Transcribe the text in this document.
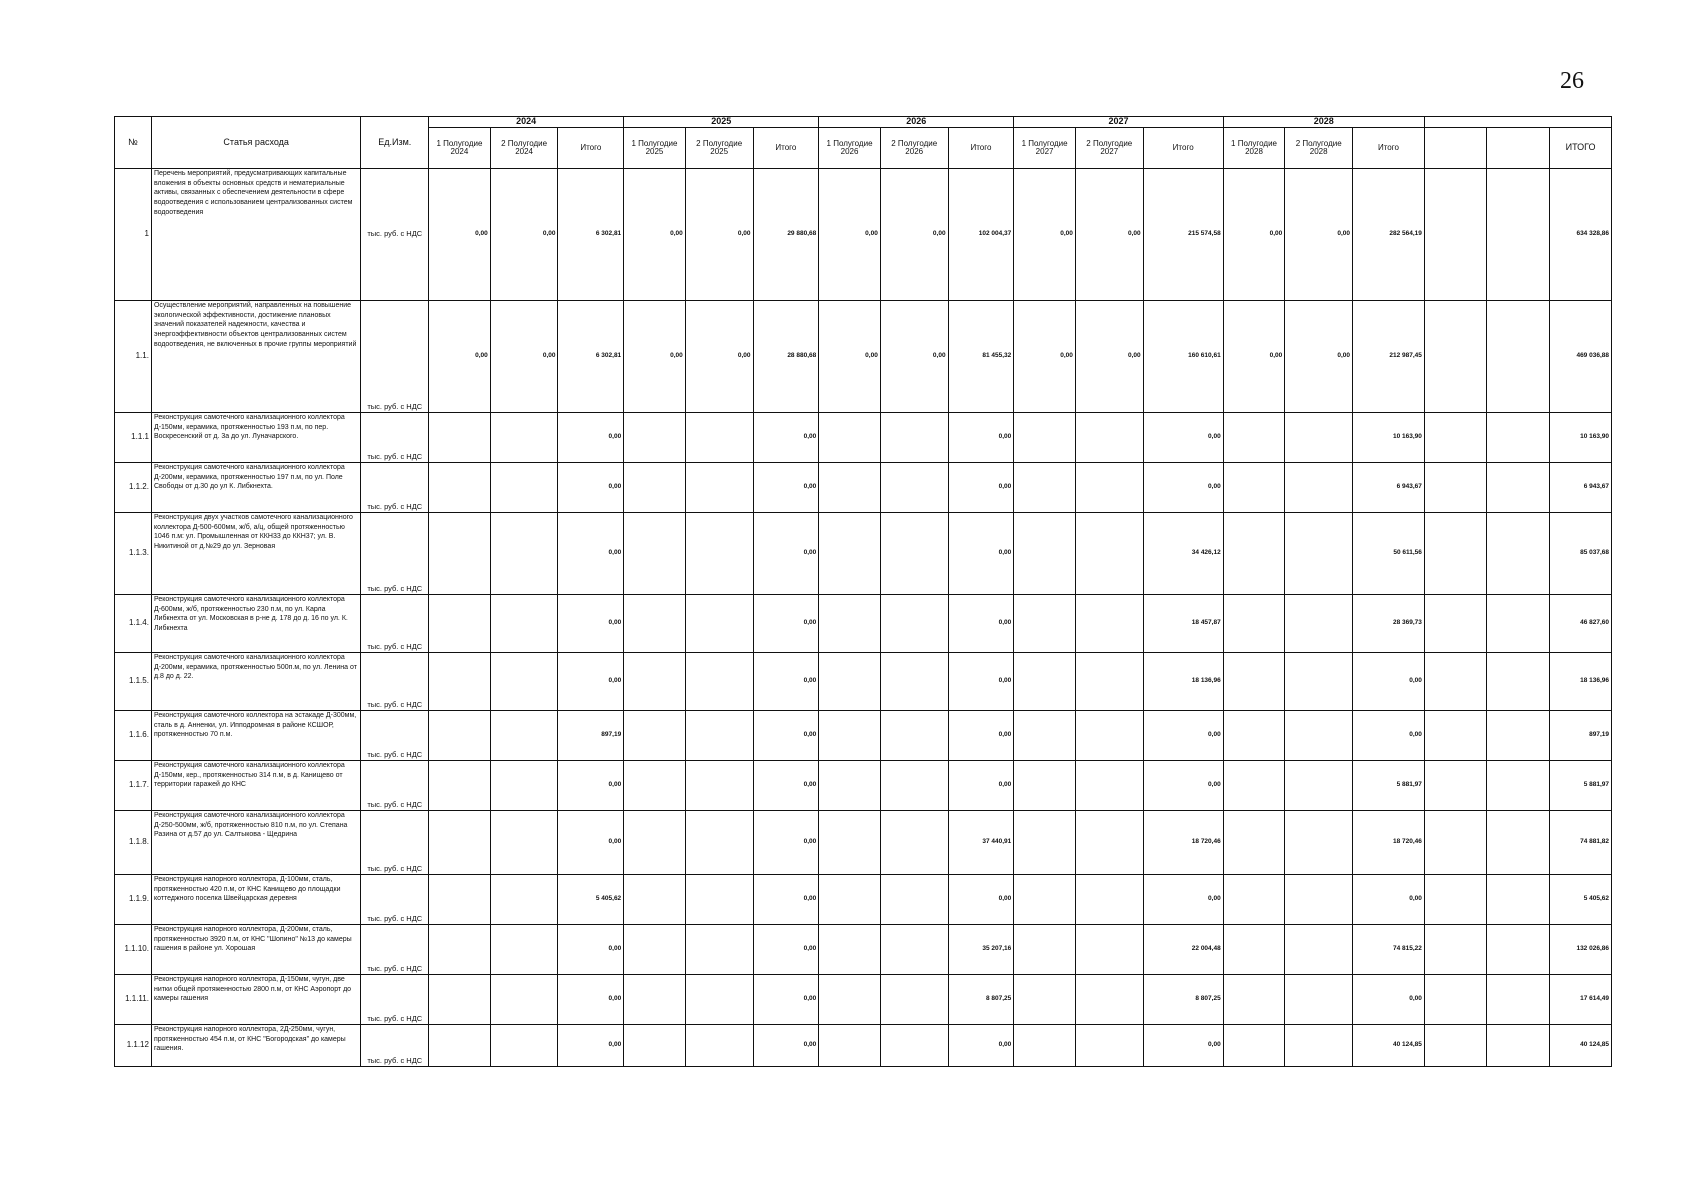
26
№	Статья расхода	Ед.Изм.	2024			2025			2026			2027			2028					
			1 Полугодие 2024	2 Полугодие 2024	Итого	1 Полугодие 2025	2 Полугодие 2025	Итого	1 Полугодие 2026	2 Полугодие 2026	Итого	1 Полугодие 2027	2 Полугодие 2027	Итого	1 Полугодие 2028	2 Полугодие 2028	Итого			ИТОГО
1	Перечень мероприятий, предусматривающих капитальные вложения в объекты основных средств и нематериальные активы, связанных с обеспечением деятельности в сфере водоотведения с использованием централизованных систем водоотведения	тыс. руб. с НДС	0,00	0,00	6 302,81	0,00	0,00	29 880,68	0,00	0,00	102 004,37	0,00	0,00	215 574,58	0,00	0,00	282 564,19			634 328,86
1.1.	Осуществление мероприятий, направленных на повышение экологической эффективности, достижение плановых значений показателей надежности, качества и энергоэффективности объектов централизованных систем водоотведения, не включенных в прочие группы мероприятий	тыс. руб. с НДС	0,00	0,00	6 302,81	0,00	0,00	28 880,68	0,00	0,00	81 455,32	0,00	0,00	160 610,61	0,00	0,00	212 987,45			469 036,88
1.1.1	Реконструкция самотечного канализационного коллектора Д-150мм, керамика, протяженностью 193 п.м, по пер. Воскресенский от д. 3а до ул. Луначарского.	тыс. руб. с НДС			0,00			0,00			0,00			0,00			10 163,90			10 163,90
1.1.2.	Реконструкция самотечного канализационного коллектора Д-200мм, керамика, протяженностью 197 п.м, по ул. Поле Свободы от д.30 до ул К. Либкнехта.	тыс. руб. с НДС			0,00			0,00			0,00			0,00			6 943,67			6 943,67
1.1.3.	Реконструкция двух участков самотечного канализационного коллектора Д-500-600мм, ж/б, а/ц, общей протяженностью 1046 п.м: ул. Промышленная от ККН33 до ККН37; ул. В. Никитиной от д.№29 до ул. Зерновая	тыс. руб. с НДС			0,00			0,00			0,00			34 426,12			50 611,56			85 037,68
1.1.4.	Реконструкция самотечного канализационного коллектора Д-600мм, ж/б, протяженностью 230 п.м, по ул. Карла Либкнехта от ул. Московская в р-не д. 178 до д. 16 по ул. К. Либкнехта	тыс. руб. с НДС			0,00			0,00			0,00			18 457,87			28 369,73			46 827,60
1.1.5.	Реконструкция самотечного канализационного коллектора Д-200мм, керамика, протяженностью 500п.м, по ул. Ленина от д.8 до д. 22.	тыс. руб. с НДС			0,00			0,00			0,00			18 136,96			0,00			18 136,96
1.1.6.	Реконструкция самотечного коллектора на эстакаде Д-300мм, сталь в д. Анненки, ул. Ипподромная в районе КСШОР, протяженностью 70 п.м.	тыс. руб. с НДС			897,19			0,00			0,00			0,00			0,00			897,19
1.1.7.	Реконструкция самотечного канализационного коллектора Д-150мм, кер., протяженностью 314 п.м, в д. Канищево от территории гаражей до КНС	тыс. руб. с НДС			0,00			0,00			0,00			0,00			5 881,97			5 881,97
1.1.8.	Реконструкция самотечного канализационного коллектора Д-250-500мм, ж/б, протяженностью 810 п.м, по ул. Степана Разина от д.57 до ул. Салтыкова - Щедрина	тыс. руб. с НДС			0,00			0,00			37 440,91			18 720,46			18 720,46			74 881,82
1.1.9.	Реконструкция напорного коллектора, Д-100мм, сталь, протяженностью 420 п.м, от КНС Канищево до площадки коттеджного поселка Швейцарская деревня	тыс. руб. с НДС			5 405,62			0,00			0,00			0,00			0,00			5 405,62
1.1.10.	Реконструкция напорного коллектора, Д-200мм, сталь, протяженностью 3920 п.м, от КНС "Шопино" №13 до камеры гашения в районе ул. Хорошая	тыс. руб. с НДС			0,00			0,00			35 207,16			22 004,48			74 815,22			132 026,86
1.1.11.	Реконструкция напорного коллектора, Д-150мм, чугун, две нитки общей протяженностью 2800 п.м, от КНС Аэропорт до камеры гашения	тыс. руб. с НДС			0,00			0,00			8 807,25			8 807,25			0,00			17 614,49
1.1.12	Реконструкция напорного коллектора, 2Д-250мм, чугун, протяженностью 454 п.м, от КНС "Богородская" до камеры гашения.	тыс. руб. с НДС			0,00			0,00			0,00			0,00			40 124,85			40 124,85
